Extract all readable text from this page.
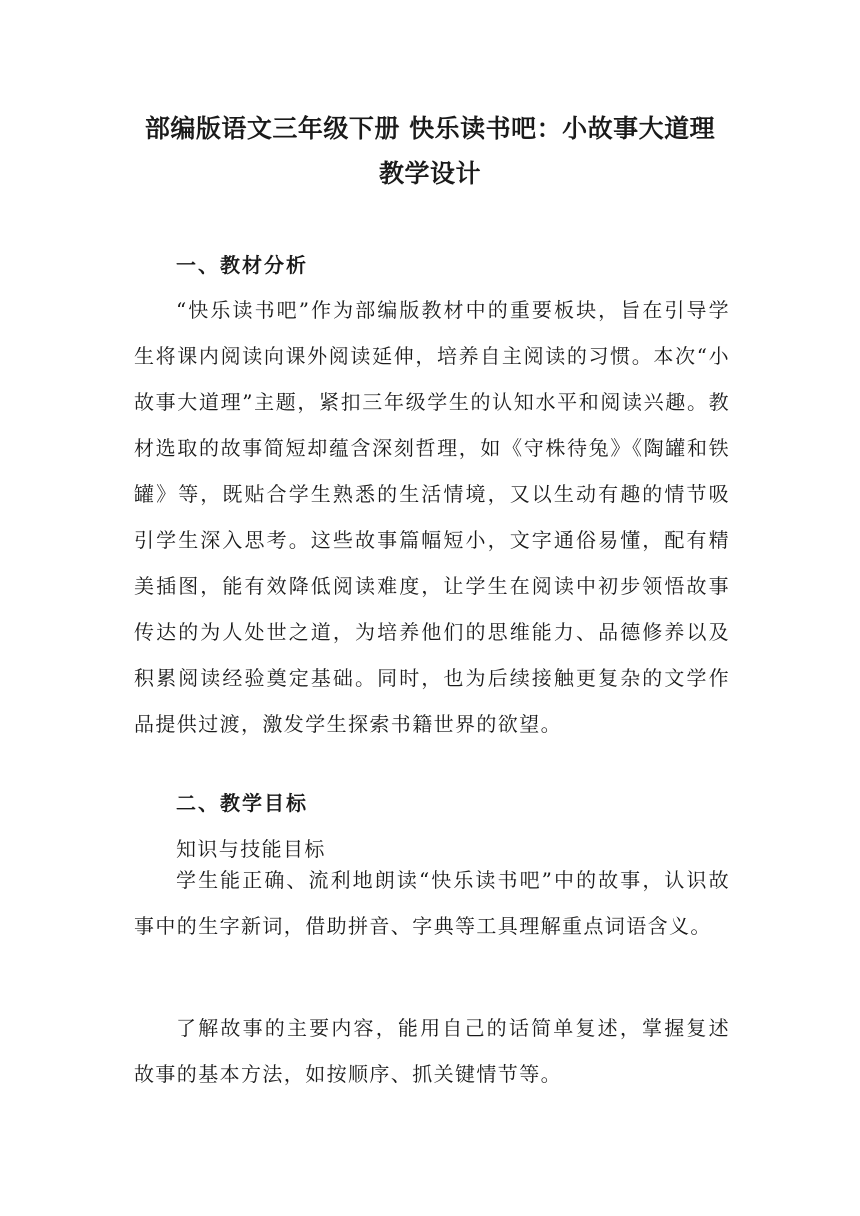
部编版语文三年级下册 快乐读书吧：小故事大道理
教学设计
一、教材分析
“快乐读书吧”作为部编版教材中的重要板块，旨在引导学生将课内阅读向课外阅读延伸，培养自主阅读的习惯。本次“小故事大道理”主题，紧扣三年级学生的认知水平和阅读兴趣。教材选取的故事简短却蕴含深刻哲理，如《守株待兔》《陶罐和铁罐》等，既贴合学生熟悉的生活情境，又以生动有趣的情节吸引学生深入思考。这些故事篇幅短小，文字通俗易懂，配有精美插图，能有效降低阅读难度，让学生在阅读中初步领悟故事传达的为人处世之道，为培养他们的思维能力、品德修养以及积累阅读经验奠定基础。同时，也为后续接触更复杂的文学作品提供过渡，激发学生探索书籍世界的欲望。
二、教学目标
知识与技能目标
学生能正确、流利地朗读“快乐读书吧”中的故事，认识故事中的生字新词，借助拼音、字典等工具理解重点词语含义。
了解故事的主要内容，能用自己的话简单复述，掌握复述故事的基本方法，如按顺序、抓关键情节等。
